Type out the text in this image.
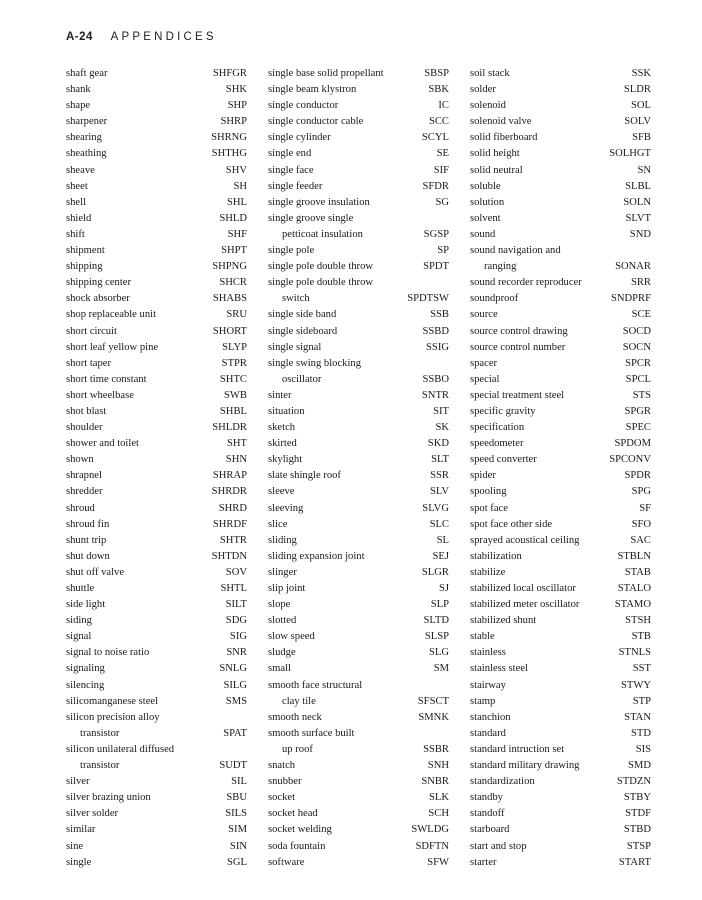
A-24 APPENDICES
shaft gear	SHFGR
shank	SHK
shape	SHP
sharpener	SHRP
shearing	SHRNG
sheathing	SHTHG
sheave	SHV
sheet	SH
shell	SHL
shield	SHLD
shift	SHF
shipment	SHPT
shipping	SHPNG
shipping center	SHCR
shock absorber	SHABS
shop replaceable unit	SRU
short circuit	SHORT
short leaf yellow pine	SLYP
short taper	STPR
short time constant	SHTC
short wheelbase	SWB
shot blast	SHBL
shoulder	SHLDR
shower and toilet	SHT
shown	SHN
shrapnel	SHRAP
shredder	SHRDR
shroud	SHRD
shroud fin	SHRDF
shunt trip	SHTR
shut down	SHTDN
shut off valve	SOV
shuttle	SHTL
side light	SILT
siding	SDG
signal	SIG
signal to noise ratio	SNR
signaling	SNLG
silencing	SILG
silicomanganese steel	SMS
silicon precision alloy
transistor	SPAT
silicon unilateral diffused
transistor	SUDT
silver	SIL
silver brazing union	SBU
silver solder	SILS
similar	SIM
sine	SIN
single	SGL
single base solid propellant	SBSP
single beam klystron	SBK
single conductor	IC
single conductor cable	SCC
single cylinder	SCYL
single end	SE
single face	SIF
single feeder	SFDR
single groove insulation	SG
single groove single
petticoat insulation	SGSP
single pole	SP
single pole double throw	SPDT
single pole double throw
switch	SPDTSW
single side band	SSB
single sideboard	SSBD
single signal	SSIG
single swing blocking
oscillator	SSBO
sinter	SNTR
situation	SIT
sketch	SK
skirted	SKD
skylight	SLT
slate shingle roof	SSR
sleeve	SLV
sleeving	SLVG
slice	SLC
sliding	SL
sliding expansion joint	SEJ
slinger	SLGR
slip joint	SJ
slope	SLP
slotted	SLTD
slow speed	SLSP
sludge	SLG
small	SM
smooth face structural
clay tile	SFSCT
smooth neck	SMNK
smooth surface built
up roof	SSBR
snatch	SNH
snubber	SNBR
socket	SLK
socket head	SCH
socket welding	SWLDG
soda fountain	SDFTN
software	SFW
soil stack	SSK
solder	SLDR
solenoid	SOL
solenoid valve	SOLV
solid fiberboard	SFB
solid height	SOLHGT
solid neutral	SN
soluble	SLBL
solution	SOLN
solvent	SLVT
sound	SND
sound navigation and
ranging	SONAR
sound recorder reproducer	SRR
soundproof	SNDPRF
source	SCE
source control drawing	SOCD
source control number	SOCN
spacer	SPCR
special	SPCL
special treatment steel	STS
specific gravity	SPGR
specification	SPEC
speedometer	SPDOM
speed converter	SPCONV
spider	SPDR
spooling	SPG
spot face	SF
spot face other side	SFO
sprayed acoustical ceiling	SAC
stabilization	STBLN
stabilize	STAB
stabilized local oscillator	STALO
stabilized meter oscillator	STAMO
stabilized shunt	STSH
stable	STB
stainless	STNLS
stainless steel	SST
stairway	STWY
stamp	STP
stanchion	STAN
standard	STD
standard intruction set	SIS
standard military drawing	SMD
standardization	STDZN
standby	STBY
standoff	STDF
starboard	STBD
start and stop	STSP
starter	START
